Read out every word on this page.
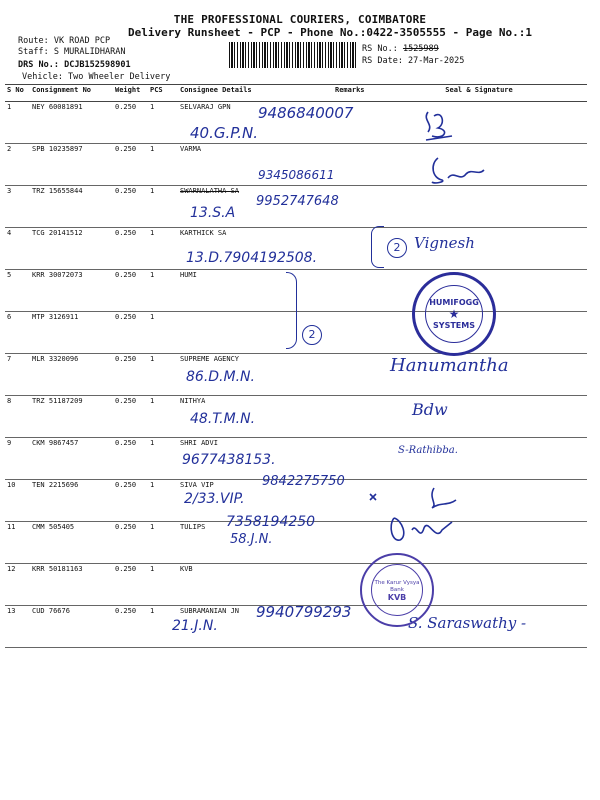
THE PROFESSIONAL COURIERS, COIMBATORE
Delivery Runsheet - PCP - Phone No.:0422-3505555 - Page No.:1
Route: VK ROAD PCP
Staff: S MURALIDHARAN
DRS No.: DCJB152598901
Vehicle: Two Wheeler Delivery
RS No.: 1525989
RS Date: 27-Mar-2025
S No	Consignment No	Weight	PCS	Consignee Details	Remarks	Seal & Signature
1	NEY 60081891	0.250	1	SELVARAJ GPN		
2	SPB 10235897	0.250	1	VARMA		
3	TRZ 15655844	0.250	1	SWARNALATHA SA		
4	TCG 20141512	0.250	1	KARTHICK SA		
5	KRR 30072073	0.250	1	HUMI		
6	MTP 3126911	0.250	1			
7	MLR 3320096	0.250	1	SUPREME AGENCY		
8	TRZ 51187209	0.250	1	NITHYA		
9	CKM 9867457	0.250	1	SHRI ADVI		
10	TEN 2215696	0.250	1	SIVA VIP		
11	CMM 505405	0.250	1	TULIPS		
12	KRR 50181163	0.250	1	KVB		
13	CUD 76676	0.250	1	SUBRAMANIAN JN		
9486840007
40.G.P.N.
9345086611
9952747648
13.S.A
13.D.7904192508.
86.D.M.N.
48.T.M.N.
9677438153.
9842275750
2/33.VIP.
7358194250
58.J.N.
9940799293
21.J.N.
2
2
Vignesh
Hanumantha
Bdw
S-Rathibba.
S. Saraswathy -
HUMIFOGG
★
SYSTEMS
The Karur Vysya Bank
KVB
